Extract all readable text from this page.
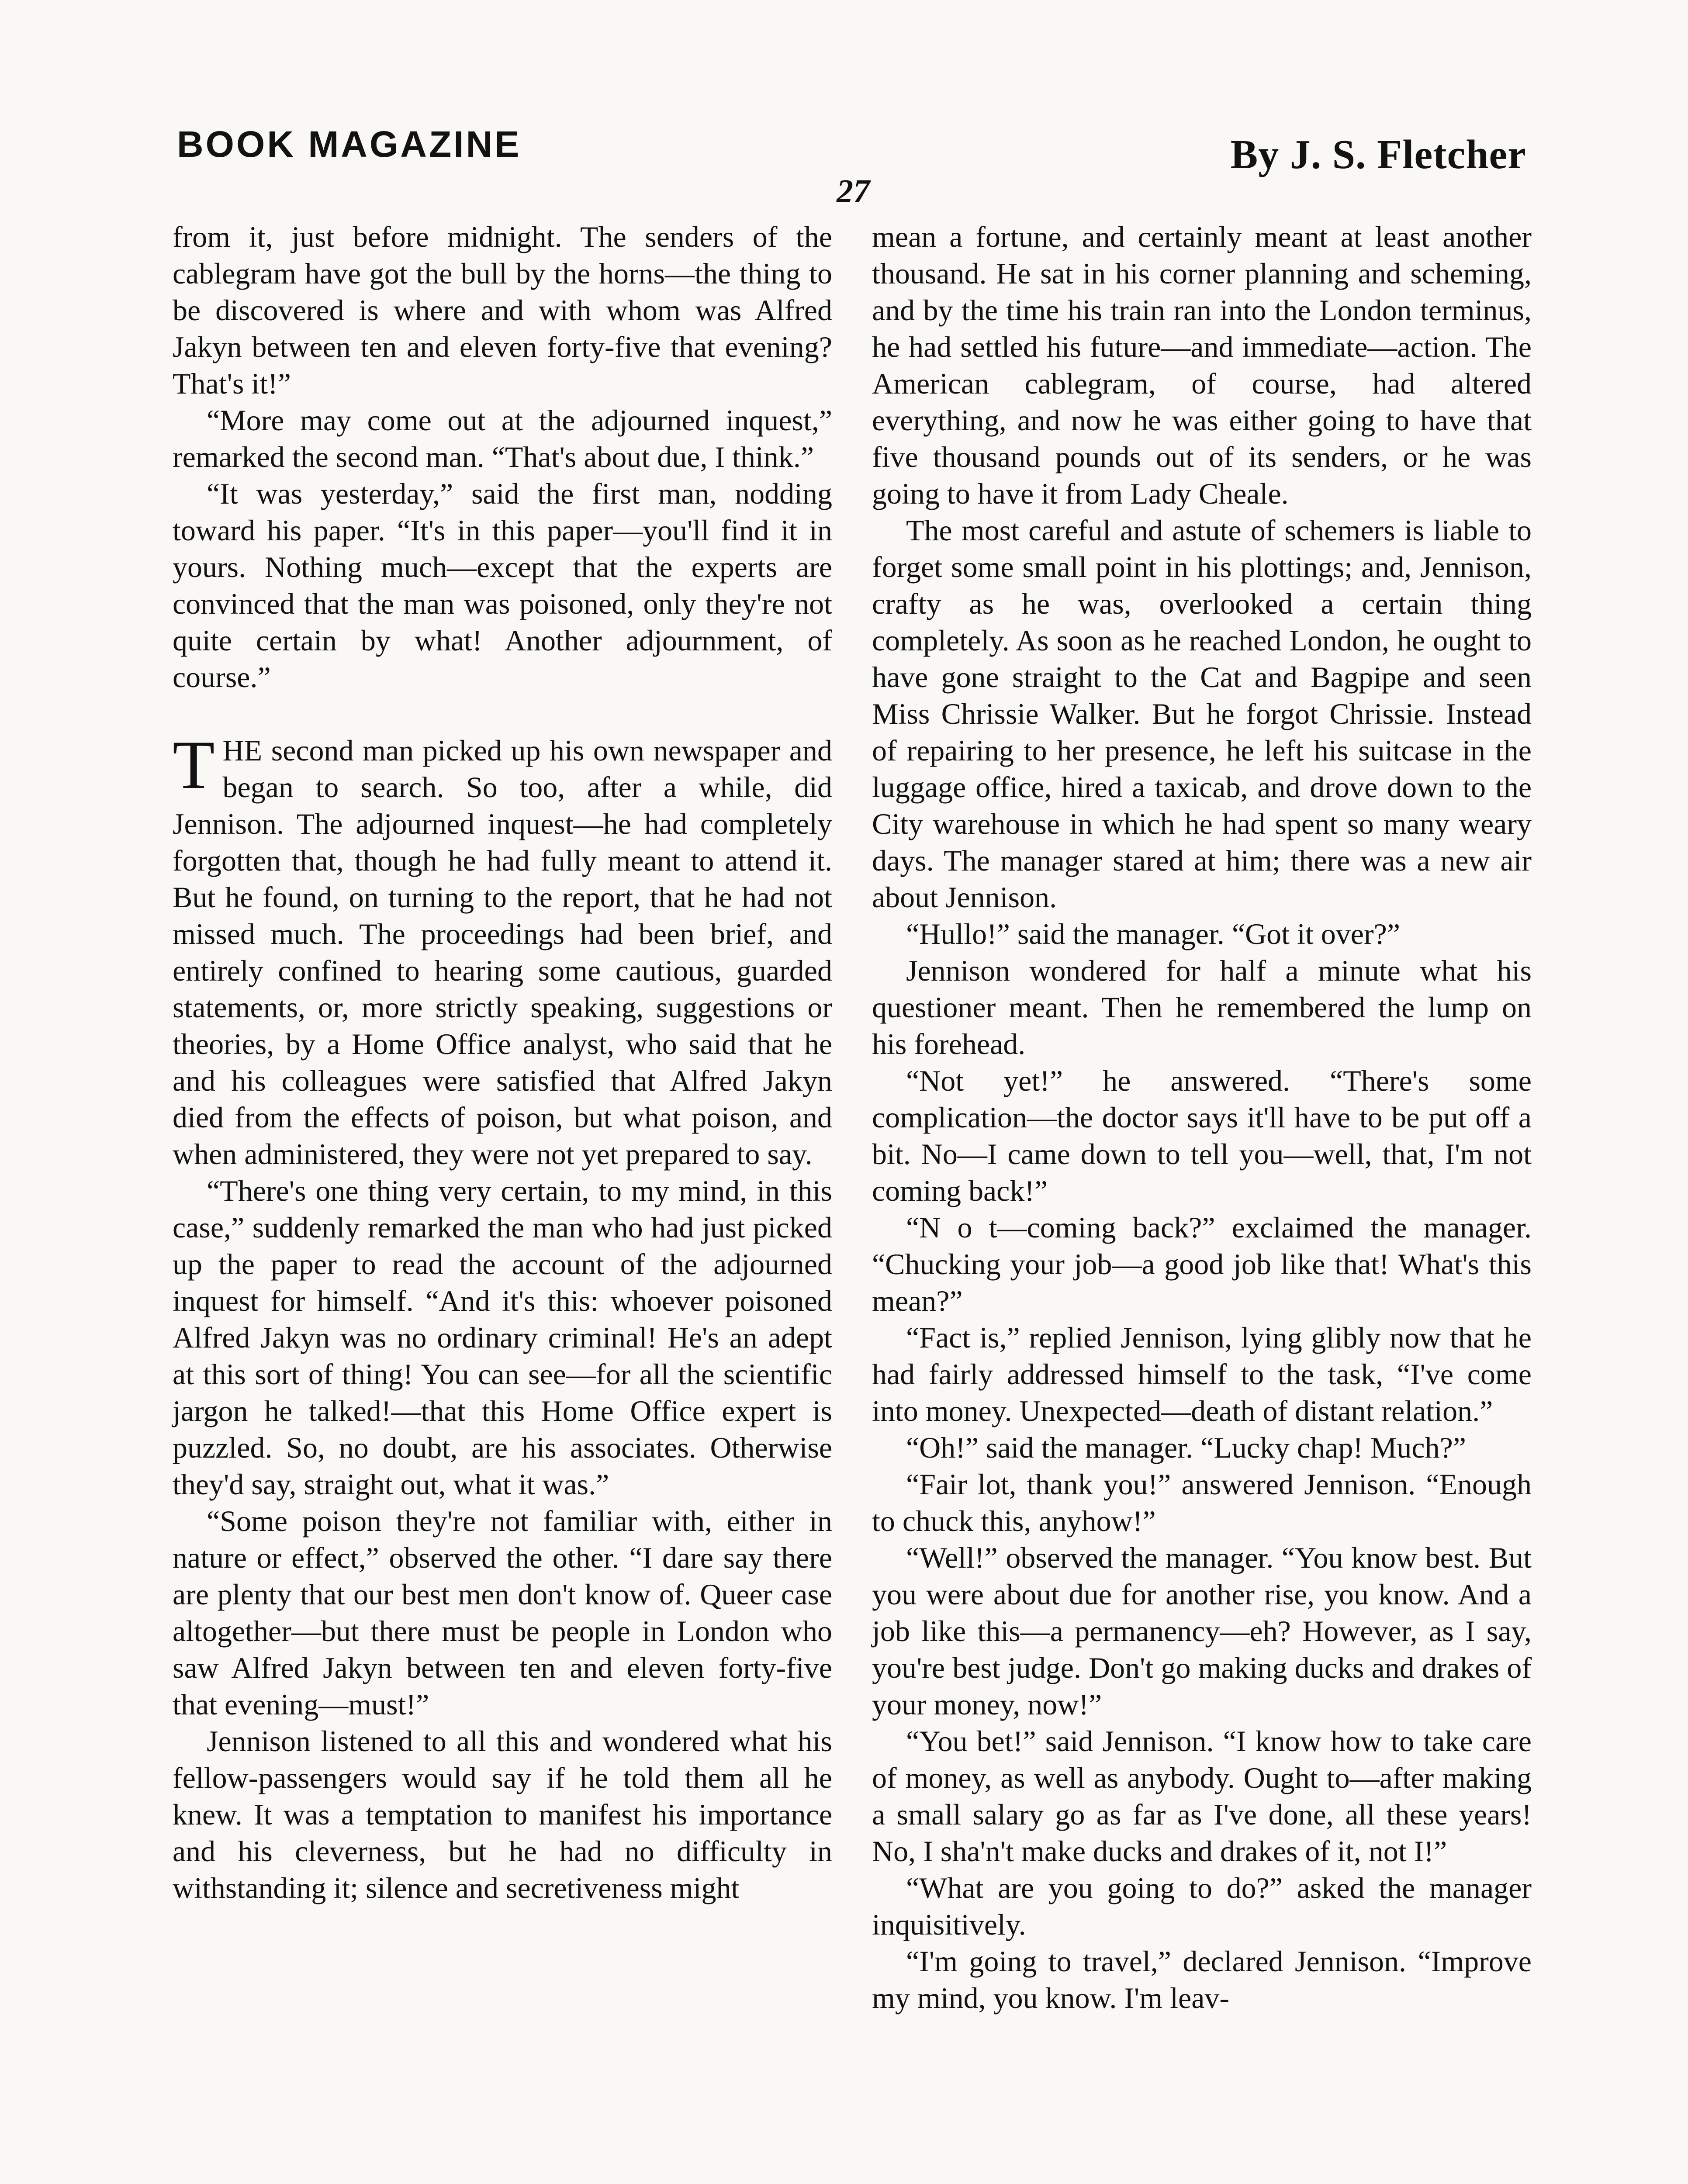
BOOK MAGAZINE	By J. S. Fletcher
27

from it, just before midnight. The senders of the cablegram have got the bull by the horns—the thing to be discovered is where and with whom was Alfred Jakyn between ten and eleven forty-five that evening? That's it!”

“More may come out at the adjourned inquest,” remarked the second man. “That's about due, I think.”

“It was yesterday,” said the first man, nodding toward his paper. “It's in this paper—you'll find it in yours. Nothing much—except that the experts are convinced that the man was poisoned, only they're not quite certain by what! Another adjournment, of course.”

THE second man picked up his own newspaper and began to search. So too, after a while, did Jennison. The adjourned inquest—he had completely forgotten that, though he had fully meant to attend it. But he found, on turning to the report, that he had not missed much. The proceedings had been brief, and entirely confined to hearing some cautious, guarded statements, or, more strictly speaking, suggestions or theories, by a Home Office analyst, who said that he and his colleagues were satisfied that Alfred Jakyn died from the effects of poison, but what poison, and when administered, they were not yet prepared to say.

“There's one thing very certain, to my mind, in this case,” suddenly remarked the man who had just picked up the paper to read the account of the adjourned inquest for himself. “And it's this: whoever poisoned Alfred Jakyn was no ordinary criminal! He's an adept at this sort of thing! You can see—for all the scientific jargon he talked!—that this Home Office expert is puzzled. So, no doubt, are his associates. Otherwise they'd say, straight out, what it was.”

“Some poison they're not familiar with, either in nature or effect,” observed the other. “I dare say there are plenty that our best men don't know of. Queer case altogether—but there must be people in London who saw Alfred Jakyn between ten and eleven forty-five that evening—must!”

Jennison listened to all this and wondered what his fellow-passengers would say if he told them all he knew. It was a temptation to manifest his importance and his cleverness, but he had no difficulty in withstanding it; silence and secretiveness might

mean a fortune, and certainly meant at least another thousand. He sat in his corner planning and scheming, and by the time his train ran into the London terminus, he had settled his future—and immediate—action. The American cablegram, of course, had altered everything, and now he was either going to have that five thousand pounds out of its senders, or he was going to have it from Lady Cheale.

The most careful and astute of schemers is liable to forget some small point in his plottings; and, Jennison, crafty as he was, overlooked a certain thing completely. As soon as he reached London, he ought to have gone straight to the Cat and Bagpipe and seen Miss Chrissie Walker. But he forgot Chrissie. Instead of repairing to her presence, he left his suitcase in the luggage office, hired a taxicab, and drove down to the City warehouse in which he had spent so many weary days. The manager stared at him; there was a new air about Jennison.

“Hullo!” said the manager. “Got it over?”

Jennison wondered for half a minute what his questioner meant. Then he remembered the lump on his forehead.

“Not yet!” he answered. “There's some complication—the doctor says it'll have to be put off a bit. No—I came down to tell you—well, that, I'm not coming back!”

“N o t—coming back?” exclaimed the manager. “Chucking your job—a good job like that! What's this mean?”

“Fact is,” replied Jennison, lying glibly now that he had fairly addressed himself to the task, “I've come into money. Unexpected—death of distant relation.”

“Oh!” said the manager. “Lucky chap! Much?”

“Fair lot, thank you!” answered Jennison. “Enough to chuck this, anyhow!”

“Well!” observed the manager. “You know best. But you were about due for another rise, you know. And a job like this—a permanency—eh? However, as I say, you're best judge. Don't go making ducks and drakes of your money, now!”

“You bet!” said Jennison. “I know how to take care of money, as well as anybody. Ought to—after making a small salary go as far as I've done, all these years! No, I sha'n't make ducks and drakes of it, not I!”

“What are you going to do?” asked the manager inquisitively.

“I'm going to travel,” declared Jennison. “Improve my mind, you know. I'm leav-
